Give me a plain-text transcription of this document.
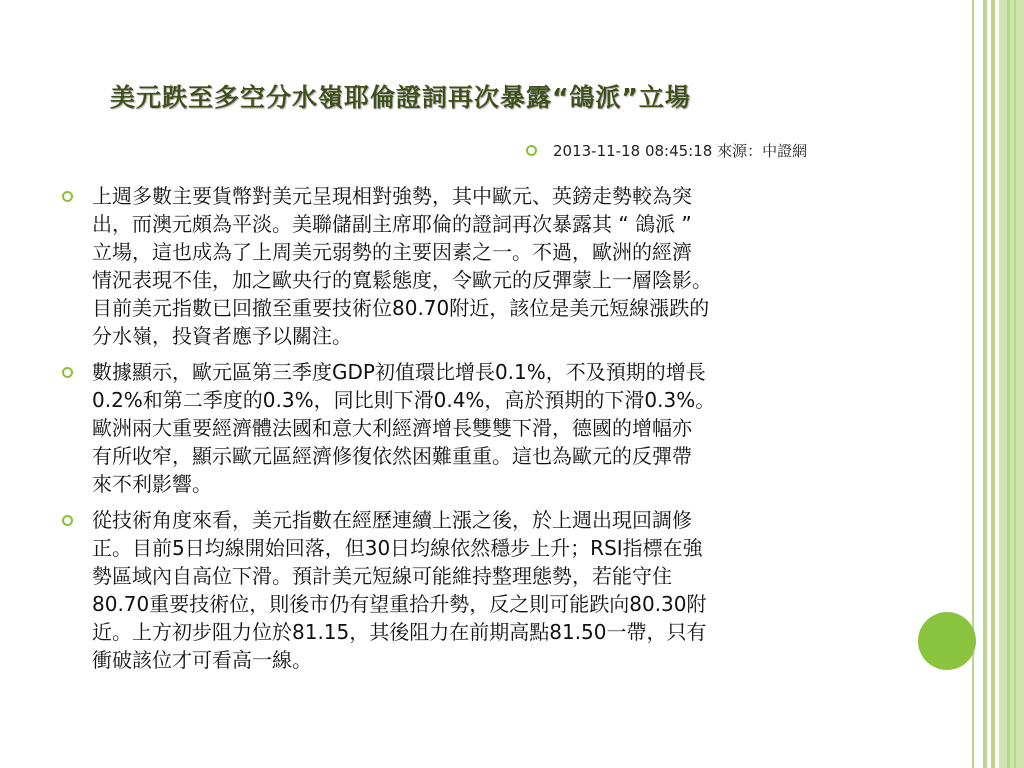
美元跌至多空分水嶺耶倫證詞再次暴露“鴿派”立場
2013-11-18 08:45:18 來源：中證網
上週多數主要貨幣對美元呈現相對強勢，其中歐元、英鎊走勢較為突
出，而澳元頗為平淡。美聯儲副主席耶倫的證詞再次暴露其 “ 鴿派 ”
立場，這也成為了上周美元弱勢的主要因素之一。不過，歐洲的經濟
情況表現不佳，加之歐央行的寬鬆態度，令歐元的反彈蒙上一層陰影。
目前美元指數已回撤至重要技術位80.70附近，該位是美元短線漲跌的
分水嶺，投資者應予以關注。
數據顯示，歐元區第三季度GDP初值環比增長0.1%，不及預期的增長
0.2%和第二季度的0.3%，同比則下滑0.4%，高於預期的下滑0.3%。
歐洲兩大重要經濟體法國和意大利經濟增長雙雙下滑，德國的增幅亦
有所收窄，顯示歐元區經濟修復依然困難重重。這也為歐元的反彈帶
來不利影響。
從技術角度來看，美元指數在經歷連續上漲之後，於上週出現回調修
正。目前5日均線開始回落，但30日均線依然穩步上升；RSI指標在強
勢區域內自高位下滑。預計美元短線可能維持整理態勢，若能守住
80.70重要技術位，則後市仍有望重拾升勢，反之則可能跌向80.30附
近。上方初步阻力位於81.15，其後阻力在前期高點81.50一帶，只有
衝破該位才可看高一線。
